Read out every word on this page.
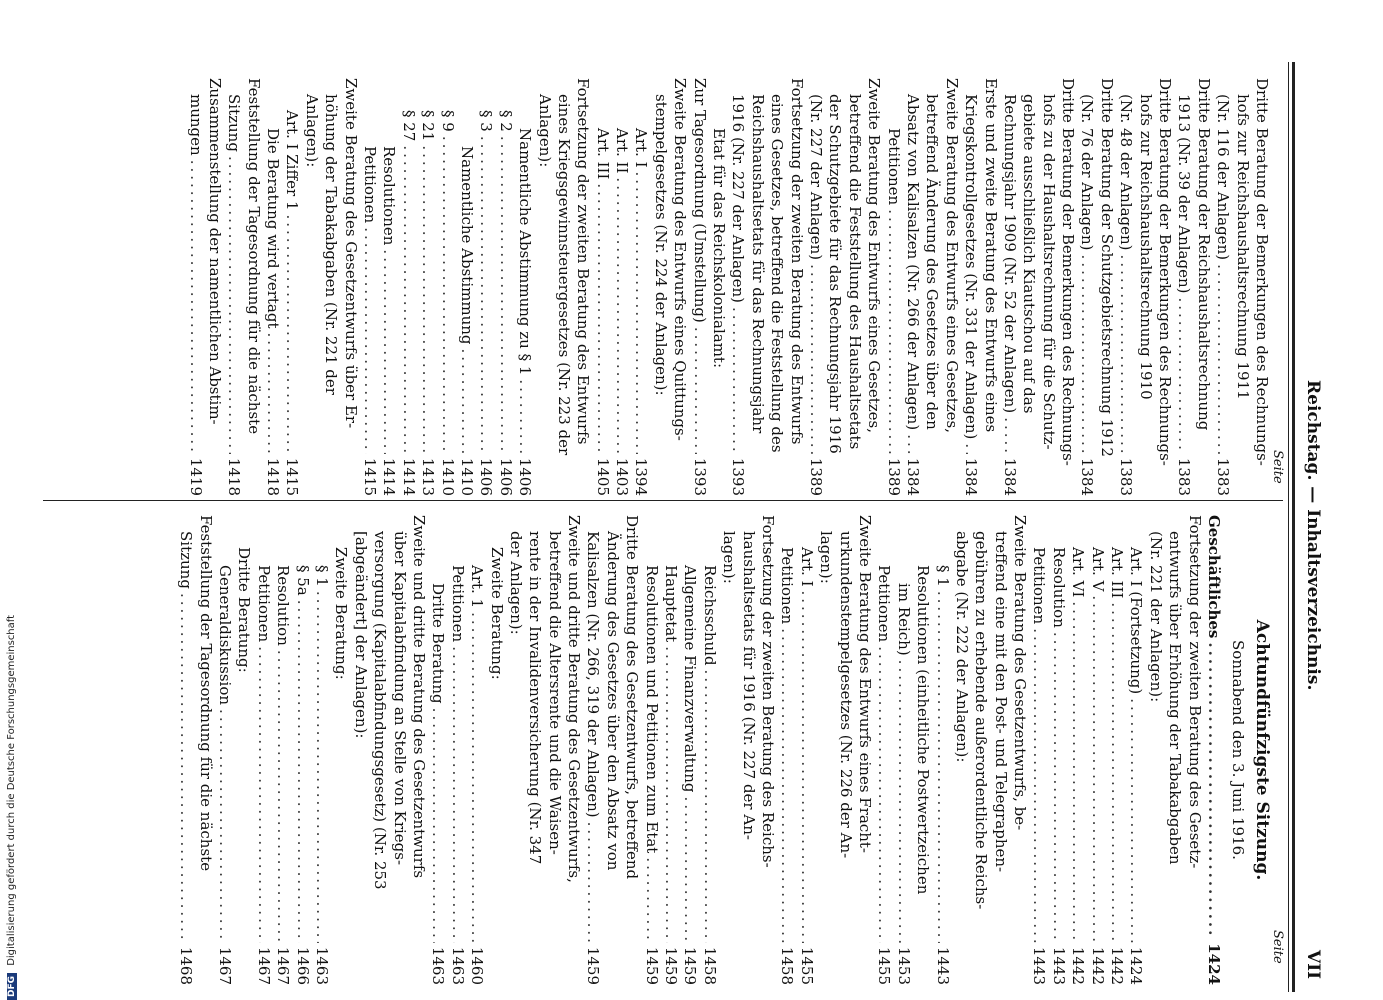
Reichstag. — Inhaltsverzeichnis.
VII
Seite
Seite
Dritte Beratung der Bemerkungen des Rechnungs-
hofs zur Reichshaushaltsrechnung 1911
(Nr. 116 der Anlagen)
.....
1383
Dritte Beratung der Reichshaushaltsrechnung
1913 (Nr. 39 der Anlagen)
.....
1383
Dritte Beratung der Bemerkungen des Rechnungs-
hofs zur Reichshaushaltsrechnung 1910
(Nr. 48 der Anlagen)
.....
1383
Dritte Beratung der Schutzgebietsrechnung 1912
(Nr. 76 der Anlagen)
.....
1384
Dritte Beratung der Bemerkungen des Rechnungs-
hofs zu der Haushaltsrechnung für die Schutz-
gebiete ausschließlich Kiautschou auf das
Rechnungsjahr 1909 (Nr. 52 der Anlagen)
.....
1384
Erste und zweite Beratung des Entwurfs eines
Kriegskontrollgesetzes (Nr. 331 der Anlagen)
.....
1384
Zweite Beratung des Entwurfs eines Gesetzes,
betreffend Änderung des Gesetzes über den
Absatz von Kalisalzen (Nr. 266 der Anlagen)
.....
1384
Petitionen
.....
1389
Zweite Beratung des Entwurfs eines Gesetzes,
betreffend die Feststellung des Haushaltsetats
der Schutzgebiete für das Rechnungsjahr 1916
(Nr. 227 der Anlagen)
.....
1389
Fortsetzung der zweiten Beratung des Entwurfs
eines Gesetzes, betreffend die Feststellung des
Reichshaushaltsetats für das Rechnungsjahr
1916 (Nr. 227 der Anlagen)
.....
1393
Etat für das Reichskolonialamt:
Zur Tagesordnung (Umstellung)
.....
1393
Zweite Beratung des Entwurfs eines Quittungs-
stempelgesetzes (Nr. 224 der Anlagen):
Art. I
.....
1394
Art. II
.....
1403
Art. III
.....
1405
Fortsetzung der zweiten Beratung des Entwurfs
eines Kriegsgewinnsteuergesetzes (Nr. 223 der
Anlagen):
Namentliche Abstimmung zu § 1
.....
1406
§ 2
.....
1406
§ 3
.....
1406
Namentliche Abstimmung
.....
1410
§ 9
.....
1410
§ 21
.....
1413
§ 27
.....
1414
Resolutionen
.....
1414
Petitionen
.....
1415
Zweite Beratung des Gesetzentwurfs über Er-
höhung der Tabakabgaben (Nr. 221 der
Anlagen):
Art. I Ziffer 1
.....
1415
Die Beratung wird vertagt
.....
1418
Feststellung der Tagesordnung für die nächste
Sitzung
.....
1418
Zusammenstellung der namentlichen Abstim-
mungen
.....
1419
Achtundfünfzigste Sitzung.
Sonnabend den 3. Juni 1916.
Geschäftliches
.....
1424
Fortsetzung der zweiten Beratung des Gesetz-
entwurfs über Erhöhung der Tabakabgaben
(Nr. 221 der Anlagen):
Art. I (Fortsetzung)
.....
1424
Art. III
.....
1442
Art. V
.....
1442
Art. VI
.....
1442
Resolution
.....
1443
Petitionen
.....
1443
Zweite Beratung des Gesetzentwurfs, be-
treffend eine mit den Post- und Telegraphen-
gebühren zu erhebende außerordentliche Reichs-
abgabe (Nr. 222 der Anlagen):
§ 1
.....
1443
Resolutionen (einheitliche Postwertzeichen
im Reich)
.....
1453
Petitionen
.....
1455
Zweite Beratung des Entwurfs eines Fracht-
urkundenstempelgesetzes (Nr. 226 der An-
lagen):
Art. I
.....
1455
Petitionen
.....
1458
Fortsetzung der zweiten Beratung des Reichs-
haushaltsetats für 1916 (Nr. 227 der An-
lagen):
Reichsschuld
.....
1458
Allgemeine Finanzverwaltung
.....
1459
Hauptetat
.....
1459
Resolutionen und Petitionen zum Etat
.....
1459
Dritte Beratung des Gesetzentwurfs, betreffend
Änderung des Gesetzes über den Absatz von
Kalisalzen (Nr. 266, 319 der Anlagen)
.....
1459
Zweite und dritte Beratung des Gesetzentwurfs,
betreffend die Altersrente und die Waisen-
rente in der Invalidenversicherung (Nr. 347
der Anlagen):
Zweite Beratung:
Art. 1
.....
1460
Petitionen
.....
1463
Dritte Beratung
.....
1463
Zweite und dritte Beratung des Gesetzentwurfs
über Kapitalabfindung an Stelle von Kriegs-
versorgung (Kapitalabfindungsgesetz) (Nr. 253
[abgeändert] der Anlagen):
Zweite Beratung:
§ 1
.....
1463
§ 5a
.....
1466
Resolution
.....
1467
Petitionen
.....
1467
Dritte Beratung:
Generaldiskussion
.....
1467
Feststellung der Tagesordnung für die nächste
Sitzung
.....
1468
DFG Digitalisierung gefördert durch die Deutsche Forschungsgemeinschaft
